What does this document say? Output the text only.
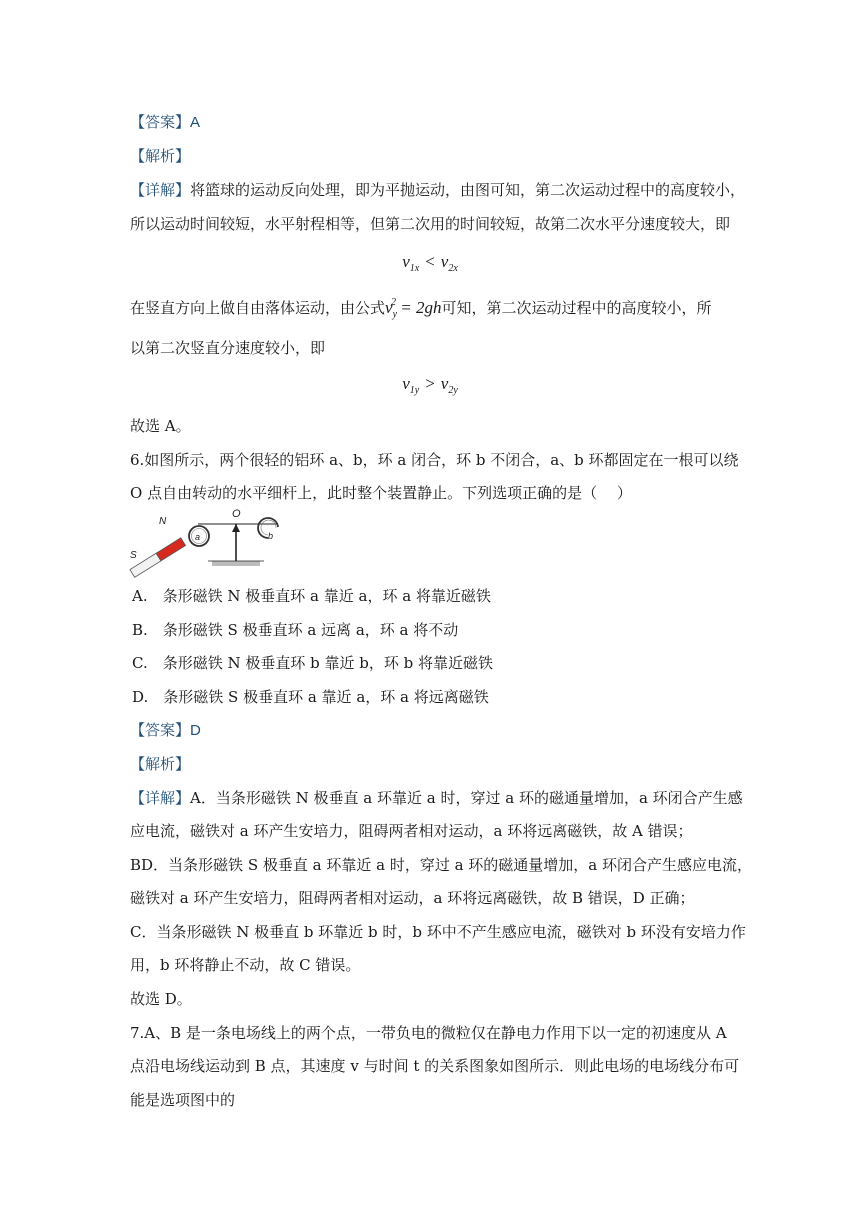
【答案】A
【解析】
【详解】将篮球的运动反向处理，即为平抛运动，由图可知，第二次运动过程中的高度较小，
所以运动时间较短，水平射程相等，但第二次用的时间较短，故第二次水平分速度较大，即
$v_{1x} < v_{2x}$
在竖直方向上做自由落体运动，由公式$v_y^2 = 2gh$可知，第二次运动过程中的高度较小，所
以第二次竖直分速度较小，即
$v_{1y} > v_{2y}$
故选 A。
6.如图所示，两个很轻的铝环 a、b，环 a 闭合，环 b 不闭合，a、b 环都固定在一根可以绕
O 点自由转动的水平细杆上，此时整个装置静止。下列选项正确的是（　 ）
O
a	b
N
S
A.　条形磁铁 N 极垂直环 a 靠近 a，环 a 将靠近磁铁
B.　条形磁铁 S 极垂直环 a 远离 a，环 a 将不动
C.　条形磁铁 N 极垂直环 b 靠近 b，环 b 将靠近磁铁
D.　条形磁铁 S 极垂直环 a 靠近 a，环 a 将远离磁铁
【答案】D
【解析】
【详解】A．当条形磁铁 N 极垂直 a 环靠近 a 时，穿过 a 环的磁通量增加，a 环闭合产生感
应电流，磁铁对 a 环产生安培力，阻碍两者相对运动，a 环将远离磁铁，故 A 错误；
BD．当条形磁铁 S 极垂直 a 环靠近 a 时，穿过 a 环的磁通量增加，a 环闭合产生感应电流，
磁铁对 a 环产生安培力，阻碍两者相对运动，a 环将远离磁铁，故 B 错误，D 正确；
C．当条形磁铁 N 极垂直 b 环靠近 b 时，b 环中不产生感应电流，磁铁对 b 环没有安培力作
用，b 环将静止不动，故 C 错误。
故选 D。
7.A、B 是一条电场线上的两个点，一带负电的微粒仅在静电力作用下以一定的初速度从 A
点沿电场线运动到 B 点，其速度 v 与时间 t 的关系图象如图所示．则此电场的电场线分布可
能是选项图中的
